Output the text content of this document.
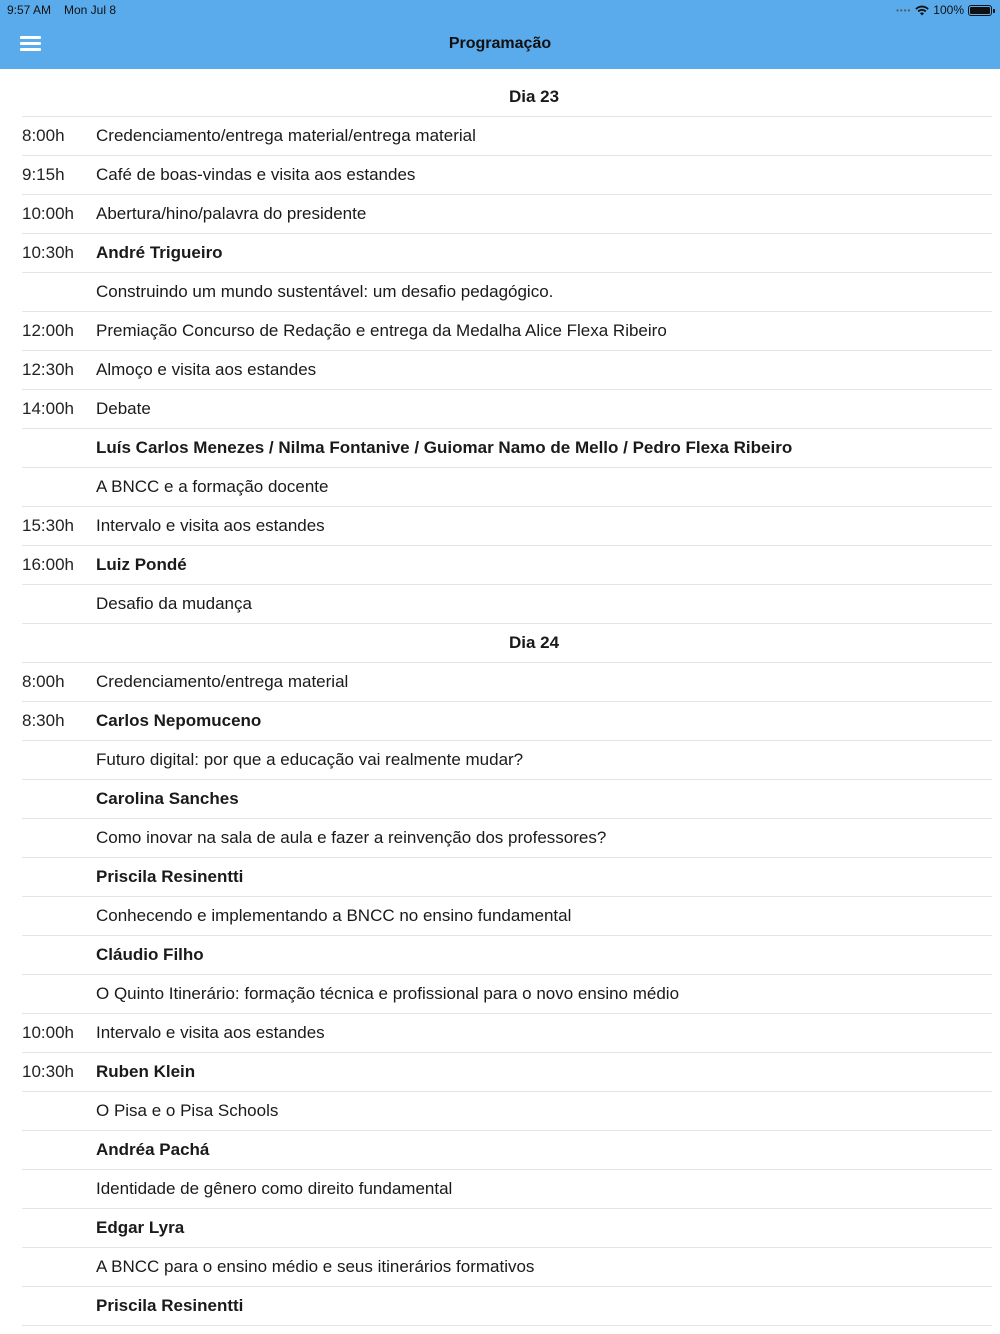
9:57 AM Mon Jul 8	•••• 100%
Programação
Dia 23
8:00h	Credenciamento/entrega material/entrega material
9:15h	Café de boas-vindas e visita aos estandes
10:00h	Abertura/hino/palavra do presidente
10:30h	André Trigueiro
Construindo um mundo sustentável: um desafio pedagógico.
12:00h	Premiação Concurso de Redação e entrega da Medalha Alice Flexa Ribeiro
12:30h	Almoço e visita aos estandes
14:00h	Debate
Luís Carlos Menezes / Nilma Fontanive / Guiomar Namo de Mello / Pedro Flexa Ribeiro
A BNCC e a formação docente
15:30h	Intervalo e visita aos estandes
16:00h	Luiz Pondé
Desafio da mudança
Dia 24
8:00h	Credenciamento/entrega material
8:30h	Carlos Nepomuceno
Futuro digital: por que a educação vai realmente mudar?
Carolina Sanches
Como inovar na sala de aula e fazer a reinvenção dos professores?
Priscila Resinentti
Conhecendo e implementando a BNCC no ensino fundamental
Cláudio Filho
O Quinto Itinerário: formação técnica e profissional para o novo ensino médio
10:00h	Intervalo e visita aos estandes
10:30h	Ruben Klein
O Pisa e o Pisa Schools
Andréa Pachá
Identidade de gênero como direito fundamental
Edgar Lyra
A BNCC para o ensino médio e seus itinerários formativos
Priscila Resinentti
